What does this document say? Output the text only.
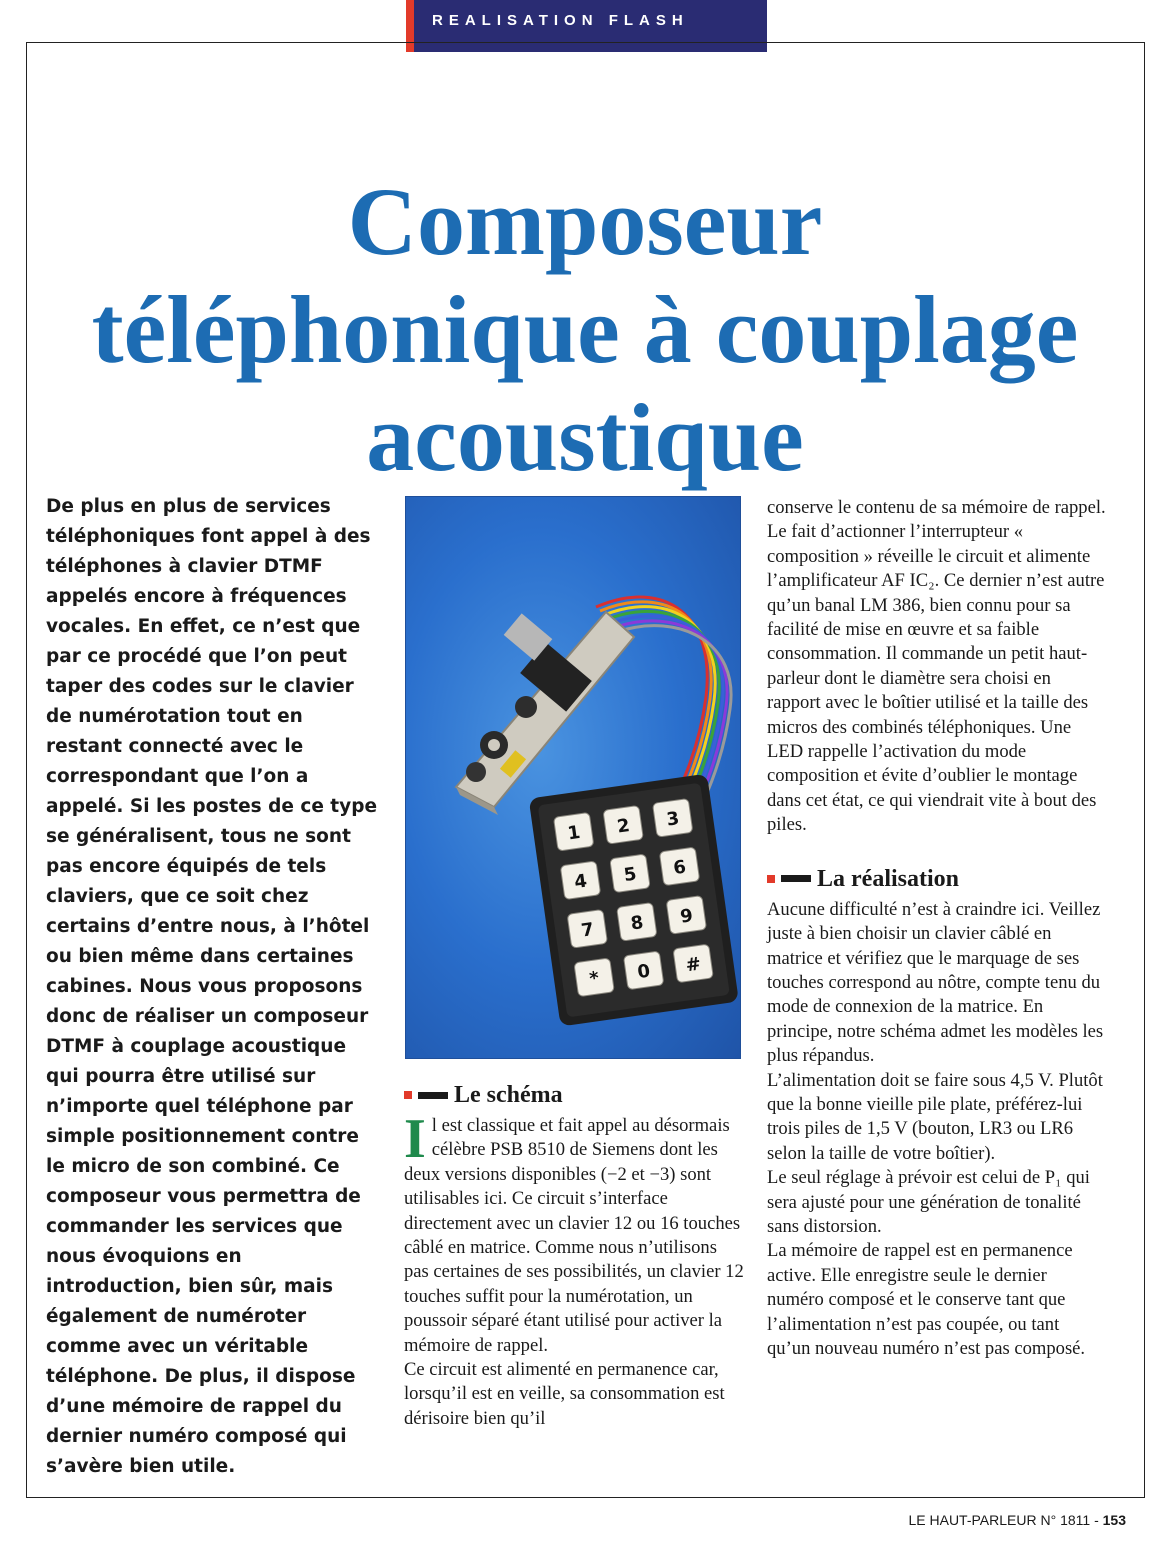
REALISATION FLASH
Composeur
téléphonique à couplage
acoustique

De plus en plus de services téléphoniques font appel à des téléphones à clavier DTMF appelés encore à fréquences vocales. En effet, ce n’est que par ce procédé que l’on peut taper des codes sur le clavier de numérotation tout en restant connecté avec le correspondant que l’on a appelé. Si les postes de ce type se généralisent, tous ne sont pas encore équipés de tels claviers, que ce soit chez certains d’entre nous, à l’hôtel ou bien même dans certaines cabines. Nous vous proposons donc de réaliser un composeur DTMF à couplage acoustique qui pourra être utilisé sur n’importe quel téléphone par simple positionnement contre le micro de son combiné. Ce composeur vous permettra de commander les services que nous évoquions en introduction, bien sûr, mais également de numéroter comme avec un véritable téléphone. De plus, il dispose d’une mémoire de rappel du dernier numéro composé qui s’avère bien utile.

1 2 3
4 5 6
7 8 9
* 0 #
Le schéma

Il est classique et fait appel au désormais célèbre PSB 8510 de Siemens dont les deux versions disponibles (−2 et −3) sont utilisables ici. Ce circuit s’interface directement avec un clavier 12 ou 16 touches câblé en matrice. Comme nous n’utilisons pas certaines de ses possibilités, un clavier 12 touches suffit pour la numérotation, un poussoir séparé étant utilisé pour activer la mémoire de rappel.

Ce circuit est alimenté en permanence car, lorsqu’il est en veille, sa consommation est dérisoire bien qu’il

conserve le contenu de sa mémoire de rappel.

Le fait d’actionner l’interrupteur « composition » réveille le circuit et alimente l’amplificateur AF IC₂. Ce dernier n’est autre qu’un banal LM 386, bien connu pour sa facilité de mise en œuvre et sa faible consommation. Il commande un petit haut-parleur dont le diamètre sera choisi en rapport avec le boîtier utilisé et la taille des micros des combinés téléphoniques. Une LED rappelle l’activation du mode composition et évite d’oublier le montage dans cet état, ce qui viendrait vite à bout des piles.

La réalisation

Aucune difficulté n’est à craindre ici. Veillez juste à bien choisir un clavier câblé en matrice et vérifiez que le marquage de ses touches correspond au nôtre, compte tenu du mode de connexion de la matrice. En principe, notre schéma admet les modèles les plus répandus.

L’alimentation doit se faire sous 4,5 V. Plutôt que la bonne vieille pile plate, préférez-lui trois piles de 1,5 V (bouton, LR3 ou LR6 selon la taille de votre boîtier).

Le seul réglage à prévoir est celui de P₁ qui sera ajusté pour une génération de tonalité sans distorsion.

La mémoire de rappel est en permanence active. Elle enregistre seule le dernier numéro composé et le conserve tant que l’alimentation n’est pas coupée, ou tant qu’un nouveau numéro n’est pas composé.

LE HAUT-PARLEUR N° 1811 - 153
